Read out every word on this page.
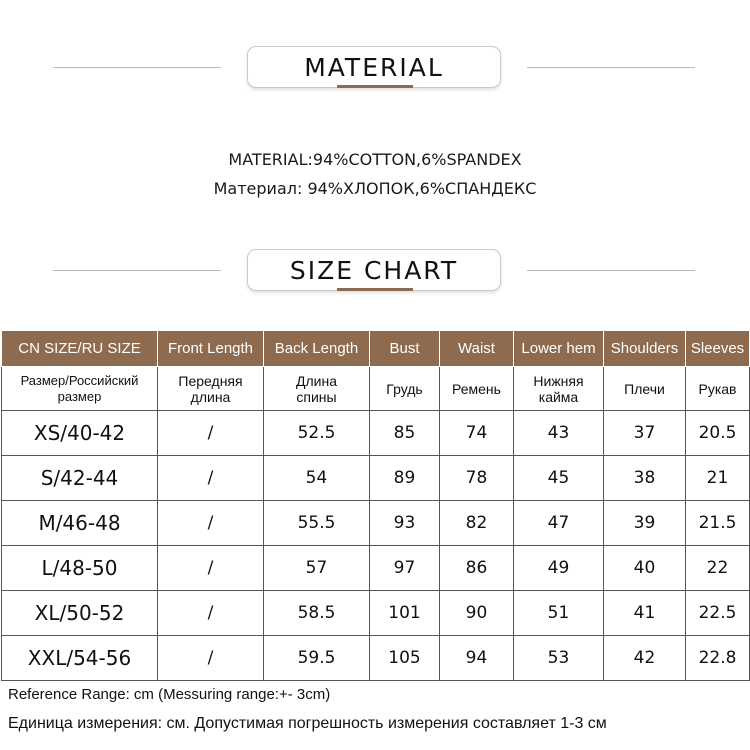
MATERIAL
MATERIAL:94%COTTON,6%SPANDEX
Материал: 94%ХЛОПОК,6%СПАНДЕКС
SIZE CHART
CN SIZE/RU SIZE	Front Length	Back Length	Bust	Waist	Lower hem	Shoulders	Sleeves
Размер/Российский размер	Передняя длина	Длина спины	Грудь	Ремень	Нижняя кайма	Плечи	Рукав
XS/40-42	/	52.5	85	74	43	37	20.5
S/42-44	/	54	89	78	45	38	21
M/46-48	/	55.5	93	82	47	39	21.5
L/48-50	/	57	97	86	49	40	22
XL/50-52	/	58.5	101	90	51	41	22.5
XXL/54-56	/	59.5	105	94	53	42	22.8
Reference Range: cm (Messuring range:+- 3cm)
Единица измерения: см. Допустимая погрешность измерения составляет 1-3 см
